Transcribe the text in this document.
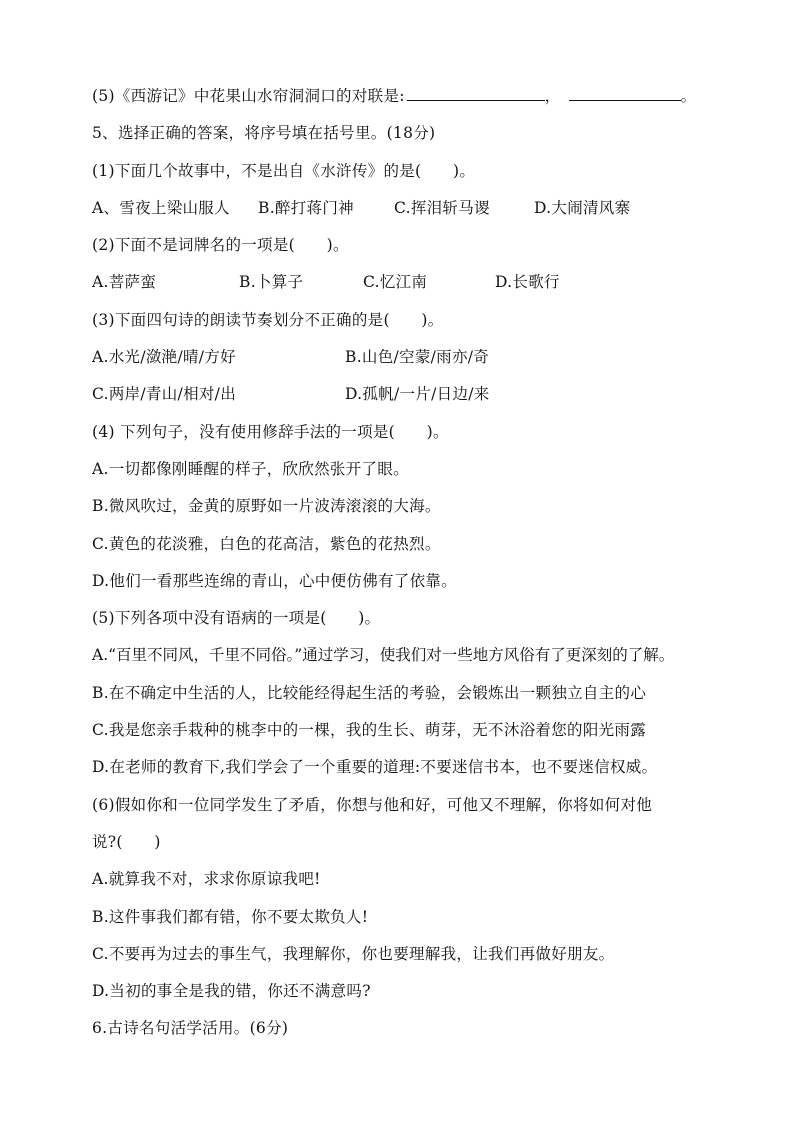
(5)《西游记》中花果山水帘洞洞口的对联是:	，	。
5、选择正确的答案，将序号填在括号里。(18分)
(1)下面几个故事中，不是出自《水浒传》的是(　　)。
A、雪夜上梁山服人 B.醉打蒋门神	C.挥泪斩马谡	D.大闹清风寨
(2)下面不是词牌名的一项是(　　)。
A.菩萨蛮	B.卜算子	C.忆江南	D.长歌行
(3)下面四句诗的朗读节奏划分不正确的是(　　)。
A.水光/潋滟/晴/方好	B.山色/空蒙/雨亦/奇
C.两岸/青山/相对/出	D.孤帆/一片/日边/来
(4) 下列句子，没有使用修辞手法的一项是(　　)。
A.一切都像刚睡醒的样子，欣欣然张开了眼。
B.微风吹过，金黄的原野如一片波涛滚滚的大海。
C.黄色的花淡雅，白色的花高洁，紫色的花热烈。
D.他们一看那些连绵的青山，心中便仿佛有了依靠。
(5)下列各项中没有语病的一项是(　　)。
A.“百里不同风，千里不同俗。”通过学习，使我们对一些地方风俗有了更深刻的了解。
B.在不确定中生活的人，比较能经得起生活的考验，会锻炼出一颗独立自主的心
C.我是您亲手栽种的桃李中的一棵，我的生长、萌芽，无不沐浴着您的阳光雨露
D.在老师的教育下,我们学会了一个重要的道理:不要迷信书本，也不要迷信权威。
(6)假如你和一位同学发生了矛盾，你想与他和好，可他又不理解，你将如何对他
说?(　　)
A.就算我不对，求求你原谅我吧!
B.这件事我们都有错，你不要太欺负人!
C.不要再为过去的事生气，我理解你，你也要理解我，让我们再做好朋友。
D.当初的事全是我的错，你还不满意吗?
6.古诗名句活学活用。(6分)
